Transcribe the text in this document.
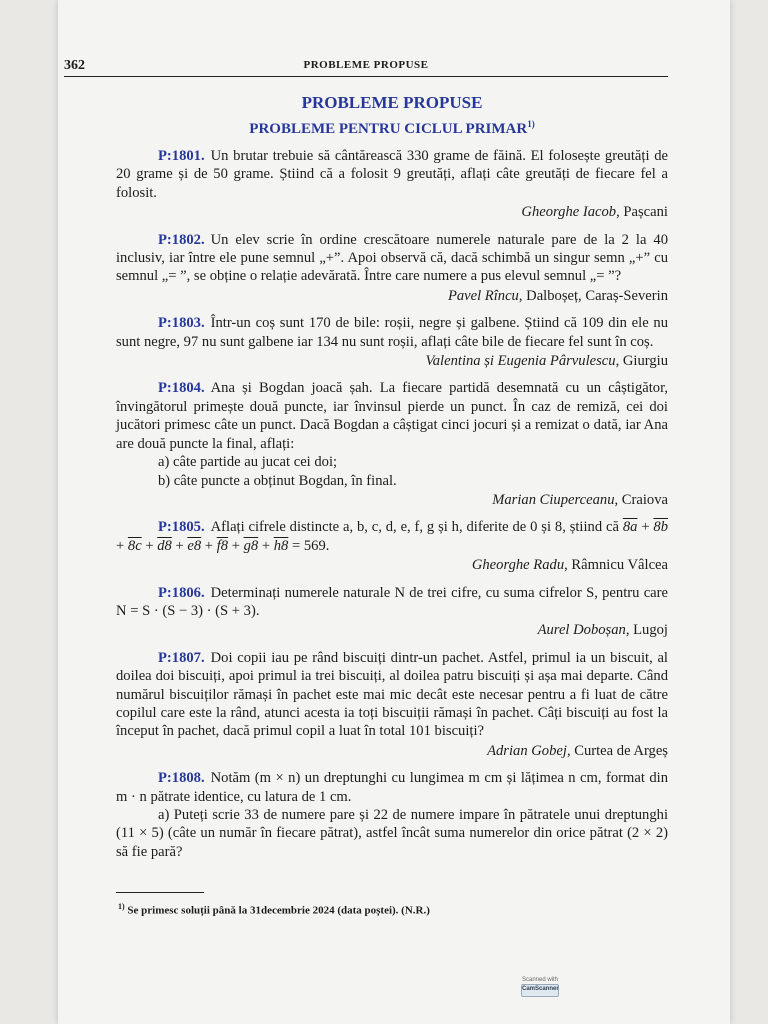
362	PROBLEME PROPUSE

PROBLEME PROPUSE

PROBLEME PENTRU CICLUL PRIMAR$^{1)}$

P:1801. Un brutar trebuie să cântărească 330 grame de făină. El folosește greutăți de 20 grame și de 50 grame. Știind că a folosit 9 greutăți, aflați câte greutăți de fiecare fel a folosit.

Gheorghe Iacob, Pașcani

P:1802. Un elev scrie în ordine crescătoare numerele naturale pare de la 2 la 40 inclusiv, iar între ele pune semnul „+”. Apoi observă că, dacă schimbă un singur semn „+” cu semnul „= ”, se obține o relație adevărată. Între care numere a pus elevul semnul „= ”?

Pavel Rîncu, Dalboșeț, Caraș-Severin

P:1803. Într-un coș sunt 170 de bile: roșii, negre și galbene. Știind că 109 din ele nu sunt negre, 97 nu sunt galbene iar 134 nu sunt roșii, aflați câte bile de fiecare fel sunt în coș.

Valentina și Eugenia Pârvulescu, Giurgiu

P:1804. Ana și Bogdan joacă șah. La fiecare partidă desemnată cu un câștigător, învingătorul primește două puncte, iar învinsul pierde un punct. În caz de remiză, cei doi jucători primesc câte un punct. Dacă Bogdan a câștigat cinci jocuri și a remizat o dată, iar Ana are două puncte la final, aflați:

a) câte partide au jucat cei doi;

b) câte puncte a obținut Bogdan, în final.

Marian Ciuperceanu, Craiova

P:1805. Aflați cifrele distincte a, b, c, d, e, f, g și h, diferite de 0 și 8, știind că 8a + 8b + 8c + d8 + e8 + f8 + g8 + h8 = 569.

Gheorghe Radu, Râmnicu Vâlcea

P:1806. Determinați numerele naturale N de trei cifre, cu suma cifrelor S, pentru care N = S · (S − 3) · (S + 3).

Aurel Doboșan, Lugoj

P:1807. Doi copii iau pe rând biscuiți dintr-un pachet. Astfel, primul ia un biscuit, al doilea doi biscuiți, apoi primul ia trei biscuiți, al doilea patru biscuiți și așa mai departe. Când numărul biscuiților rămași în pachet este mai mic decât este necesar pentru a fi luat de către copilul care este la rând, atunci acesta ia toți biscuiții rămași în pachet. Câți biscuiți au fost la început în pachet, dacă primul copil a luat în total 101 biscuiți?

Adrian Gobej, Curtea de Argeș

P:1808. Notăm (m × n) un dreptunghi cu lungimea m cm și lățimea n cm, format din m · n pătrate identice, cu latura de 1 cm.

a) Puteți scrie 33 de numere pare și 22 de numere impare în pătratele unui dreptunghi (11 × 5) (câte un număr în fiecare pătrat), astfel încât suma numerelor din orice pătrat (2 × 2) să fie pară?

$^{1)}$ Se primesc soluții până la 31decembrie 2024 (data poștei). (N.R.)
Scanned with
CamScanner
